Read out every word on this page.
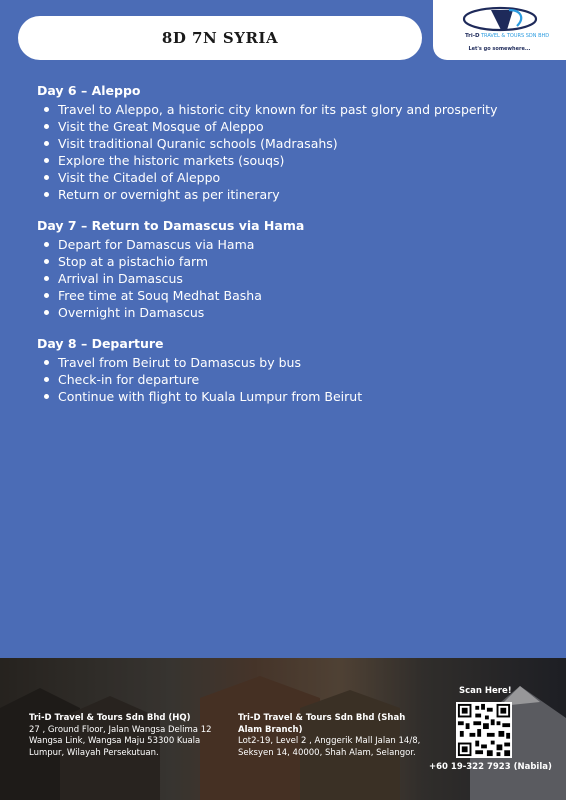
8D 7N SYRIA	Tri-D TRAVEL & TOURS SDN BHD
Let's go somewhere...
Day 6 – Aleppo
Travel to Aleppo, a historic city known for its past glory and prosperity
Visit the Great Mosque of Aleppo
Visit traditional Quranic schools (Madrasahs)
Explore the historic markets (souqs)
Visit the Citadel of Aleppo
Return or overnight as per itinerary
Day 7 – Return to Damascus via Hama
Depart for Damascus via Hama
Stop at a pistachio farm
Arrival in Damascus
Free time at Souq Medhat Basha
Overnight in Damascus
Day 8 – Departure
Travel from Beirut to Damascus by bus
Check-in for departure
Continue with flight to Kuala Lumpur from Beirut
Tri-D Travel & Tours Sdn Bhd (HQ)
27 , Ground Floor, Jalan Wangsa Delima 12 Wangsa Link, Wangsa Maju 53300 Kuala Lumpur, Wilayah Persekutuan.
Tri-D Travel & Tours Sdn Bhd (Shah Alam Branch)
Lot2-19, Level 2 , Anggerik Mall Jalan 14/8, Seksyen 14, 40000, Shah Alam, Selangor.
Scan Here!
+60 19-322 7923 (Nabila)
